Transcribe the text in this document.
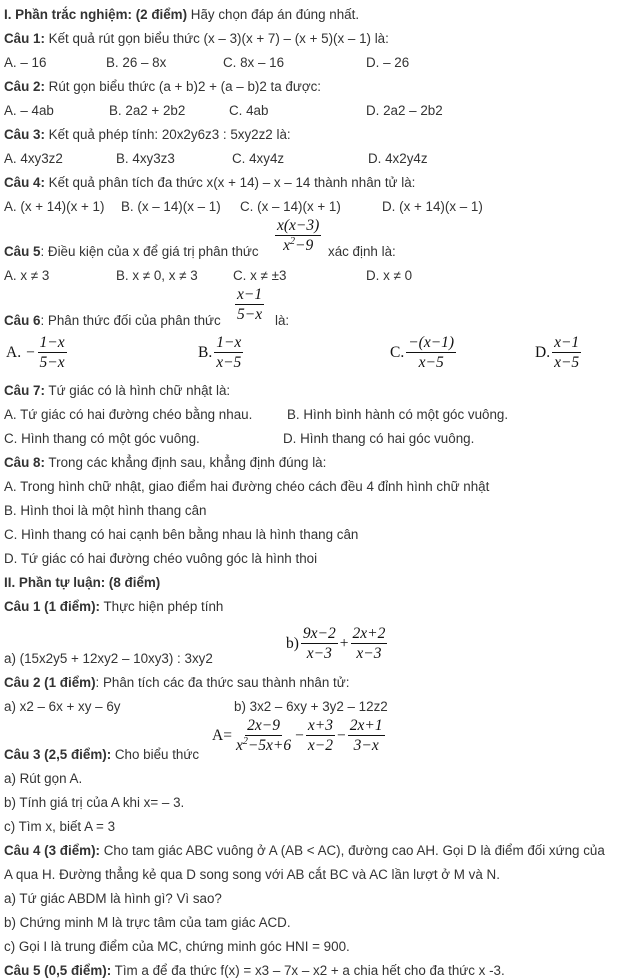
I. Phần trắc nghiệm: (2 điểm) Hãy chọn đáp án đúng nhất.
Câu 1: Kết quả rút gọn biểu thức (x – 3)(x + 7) – (x + 5)(x – 1) là:
A. – 16	B. 26 – 8x	C. 8x – 16	D. – 26
Câu 2: Rút gọn biểu thức (a + b)2 + (a – b)2 ta được:
A. – 4ab	B. 2a2 + 2b2	C. 4ab	D. 2a2 – 2b2
Câu 3: Kết quả phép tính: 20x2y6z3 : 5xy2z2 là:
A. 4xy3z2	B. 4xy3z3	C. 4xy4z	D. 4x2y4z
Câu 4: Kết quả phân tích đa thức x(x + 14) – x – 14 thành nhân tử là:
A. (x + 14)(x + 1) B. (x – 14)(x – 1) C. (x – 14)(x + 1)	D. (x + 14)(x – 1)
Câu 5: Điều kiện của x để giá trị phân thức $\frac{x(x-3)}{x^2-9}$ xác định là:
A. x ≠ 3	B. x ≠ 0, x ≠ 3	C. x ≠ ±3	D. x ≠ 0
Câu 6: Phân thức đối của phân thức $\frac{x-1}{5-x}$ là:
A. − $\frac{1-x}{5-x}$	B. $\frac{1-x}{x-5}$	C. $\frac{-(x-1)}{x-5}$	D. $\frac{x-1}{x-5}$
Câu 7: Tứ giác có là hình chữ nhật là:
A. Tứ giác có hai đường chéo bằng nhau.	B. Hình bình hành có một góc vuông.
C. Hình thang có một góc vuông.	D. Hình thang có hai góc vuông.
Câu 8: Trong các khẳng định sau, khẳng định đúng là:
A. Trong hình chữ nhật, giao điểm hai đường chéo cách đều 4 đỉnh hình chữ nhật
B. Hình thoi là một hình thang cân
C. Hình thang có hai cạnh bên bằng nhau là hình thang cân
D. Tứ giác có hai đường chéo vuông góc là hình thoi
II. Phần tự luận: (8 điểm)
Câu 1 (1 điểm): Thực hiện phép tính
a) (15x2y5 + 12xy2 – 10xy3) : 3xy2
$b) \frac{9x-2}{x-3} + \frac{2x+2}{x-3}$
Câu 2 (1 điểm): Phân tích các đa thức sau thành nhân tử:
a) x2 – 6x + xy – 6y	b) 3x2 – 6xy + 3y2 – 12z2
$A= \frac{2x-9}{x^2-5x+6} - \frac{x+3}{x-2} - \frac{2x+1}{3-x}$
Câu 3 (2,5 điểm): Cho biểu thức
a) Rút gọn A.
b) Tính giá trị của A khi x= – 3.
c) Tìm x, biết A = 3
Câu 4 (3 điểm): Cho tam giác ABC vuông ở A (AB < AC), đường cao AH. Gọi D là điểm đối xứng của
A qua H. Đường thẳng kẻ qua D song song với AB cắt BC và AC lần lượt ở M và N.
a) Tứ giác ABDM là hình gì? Vì sao?
b) Chứng minh M là trực tâm của tam giác ACD.
c) Gọi I là trung điểm của MC, chứng minh góc HNI = 900.
Câu 5 (0,5 điểm): Tìm a để đa thức f(x) = x3 – 7x – x2 + a chia hết cho đa thức x -3.
